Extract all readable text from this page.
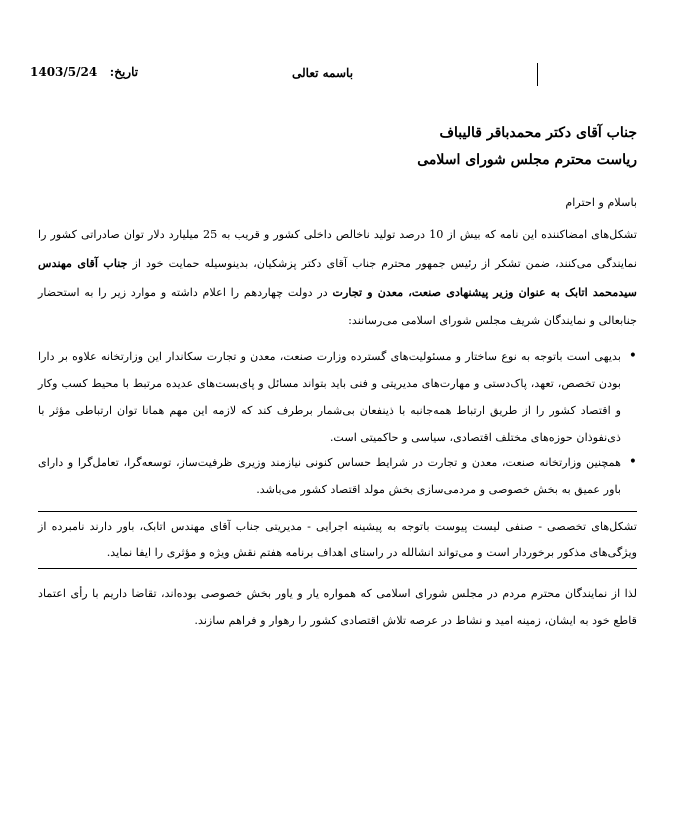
تاریخ:   1403/5/24	باسمه تعالی
جناب آقای دکتر محمدباقر قالیباف
ریاست محترم مجلس شورای اسلامی
باسلام و احترام
تشکل‌های امضاکننده این نامه که بیش از 10 درصد تولید ناخالص داخلی کشور و قریب به 25 میلیارد دلار توان صادراتی کشور را نمایندگی می‌کنند، ضمن تشکر از رئیس جمهور محترم جناب آقای دکتر پزشکیان، بدینوسیله حمایت خود از جناب آقای مهندس سیدمحمد اتابک به عنوان وزیر پیشنهادی صنعت، معدن و تجارت در دولت چهاردهم را اعلام داشته و موارد زیر را به استحضار جنابعالی و نمایندگان شریف مجلس شورای اسلامی می‌رسانند:
• بدیهی است باتوجه به نوع ساختار و مسئولیت‌های گسترده وزارت صنعت، معدن و تجارت سکاندار این وزارتخانه علاوه بر دارا بودن تخصص، تعهد، پاک‌دستی و مهارت‌های مدیریتی و فنی باید بتواند مسائل و پای‌بست‌های عدیده مرتبط با محیط کسب وکار و اقتصاد کشور را از طریق ارتباط همه‌جانبه با ذینفعان بی‌شمار برطرف کند که لازمه این مهم همانا توان ارتباطی مؤثر با ذی‌نفوذان حوزه‌های مختلف اقتصادی، سیاسی و حاکمیتی است.
• همچنین وزارتخانه صنعت، معدن و تجارت در شرایط حساس کنونی نیازمند وزیری ظرفیت‌ساز، توسعه‌گرا، تعامل‌گرا و دارای باور عمیق به بخش خصوصی و مردمی‌سازی بخش مولد اقتصاد کشور می‌باشد.
تشکل‌های تخصصی - صنفی لیست پیوست باتوجه به پیشینه اجرایی - مدیریتی جناب آقای مهندس اتابک، باور دارند نامبرده از ویژگی‌های مذکور برخوردار است و می‌تواند انشالله در راستای اهداف برنامه هفتم نقش ویژه و مؤثری را ایفا نماید.
لذا از نمایندگان محترم مردم در مجلس شورای اسلامی که همواره یار و یاور بخش خصوصی بوده‌اند، تقاضا داریم با رأی اعتماد قاطع خود به ایشان، زمینه امید و نشاط در عرصه تلاش اقتصادی کشور را رهوار و فراهم سازند.
